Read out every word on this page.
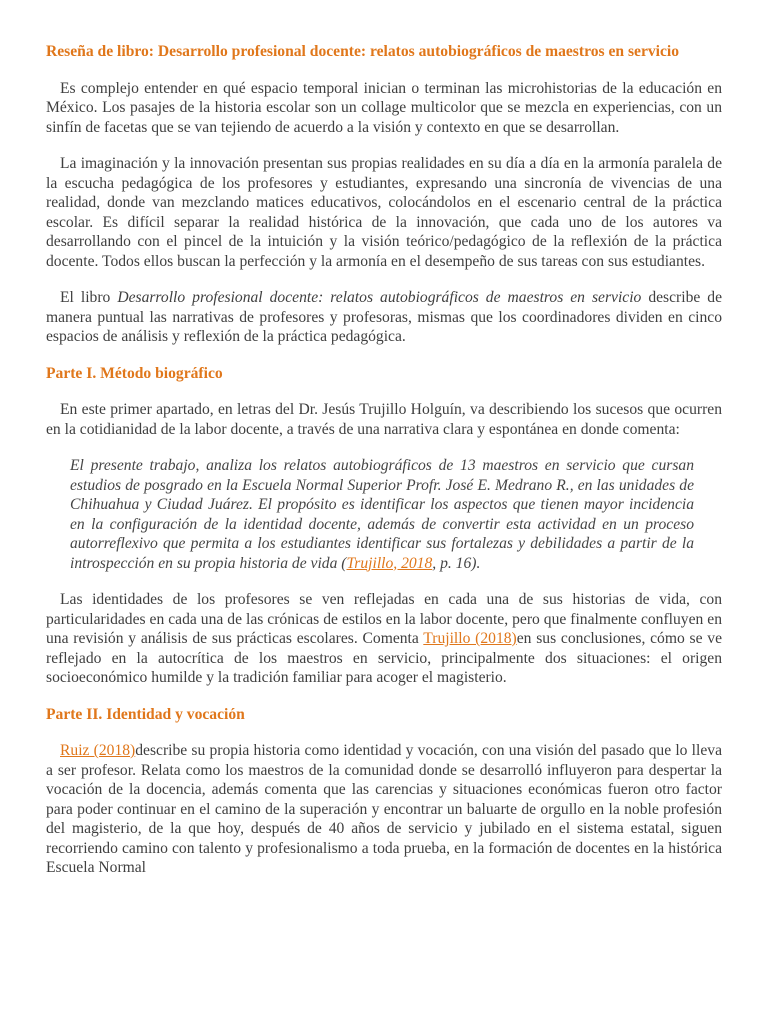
Reseña de libro: Desarrollo profesional docente: relatos autobiográficos de maestros en servicio

Es complejo entender en qué espacio temporal inician o terminan las microhistorias de la educación en México. Los pasajes de la historia escolar son un collage multicolor que se mezcla en experiencias, con un sinfín de facetas que se van tejiendo de acuerdo a la visión y contexto en que se desarrollan.

La imaginación y la innovación presentan sus propias realidades en su día a día en la armonía paralela de la escucha pedagógica de los profesores y estudiantes, expresando una sincronía de vivencias de una realidad, donde van mezclando matices educativos, colocándolos en el escenario central de la práctica escolar. Es difícil separar la realidad histórica de la innovación, que cada uno de los autores va desarrollando con el pincel de la intuición y la visión teórico/pedagógico de la reflexión de la práctica docente. Todos ellos buscan la perfección y la armonía en el desempeño de sus tareas con sus estudiantes.

El libro Desarrollo profesional docente: relatos autobiográficos de maestros en servicio describe de manera puntual las narrativas de profesores y profesoras, mismas que los coordinadores dividen en cinco espacios de análisis y reflexión de la práctica pedagógica.

Parte I. Método biográfico

En este primer apartado, en letras del Dr. Jesús Trujillo Holguín, va describiendo los sucesos que ocurren en la cotidianidad de la labor docente, a través de una narrativa clara y espontánea en donde comenta:

El presente trabajo, analiza los relatos autobiográficos de 13 maestros en servicio que cursan estudios de posgrado en la Escuela Normal Superior Profr. José E. Medrano R., en las unidades de Chihuahua y Ciudad Juárez. El propósito es identificar los aspectos que tienen mayor incidencia en la configuración de la identidad docente, además de convertir esta actividad en un proceso autorreflexivo que permita a los estudiantes identificar sus fortalezas y debilidades a partir de la introspección en su propia historia de vida (Trujillo, 2018, p. 16).

Las identidades de los profesores se ven reflejadas en cada una de sus historias de vida, con particularidades en cada una de las crónicas de estilos en la labor docente, pero que finalmente confluyen en una revisión y análisis de sus prácticas escolares. Comenta Trujillo (2018)en sus conclusiones, cómo se ve reflejado en la autocrítica de los maestros en servicio, principalmente dos situaciones: el origen socioeconómico humilde y la tradición familiar para acoger el magisterio.

Parte II. Identidad y vocación

Ruiz (2018)describe su propia historia como identidad y vocación, con una visión del pasado que lo lleva a ser profesor. Relata como los maestros de la comunidad donde se desarrolló influyeron para despertar la vocación de la docencia, además comenta que las carencias y situaciones económicas fueron otro factor para poder continuar en el camino de la superación y encontrar un baluarte de orgullo en la noble profesión del magisterio, de la que hoy, después de 40 años de servicio y jubilado en el sistema estatal, siguen recorriendo camino con talento y profesionalismo a toda prueba, en la formación de docentes en la histórica Escuela Normal
